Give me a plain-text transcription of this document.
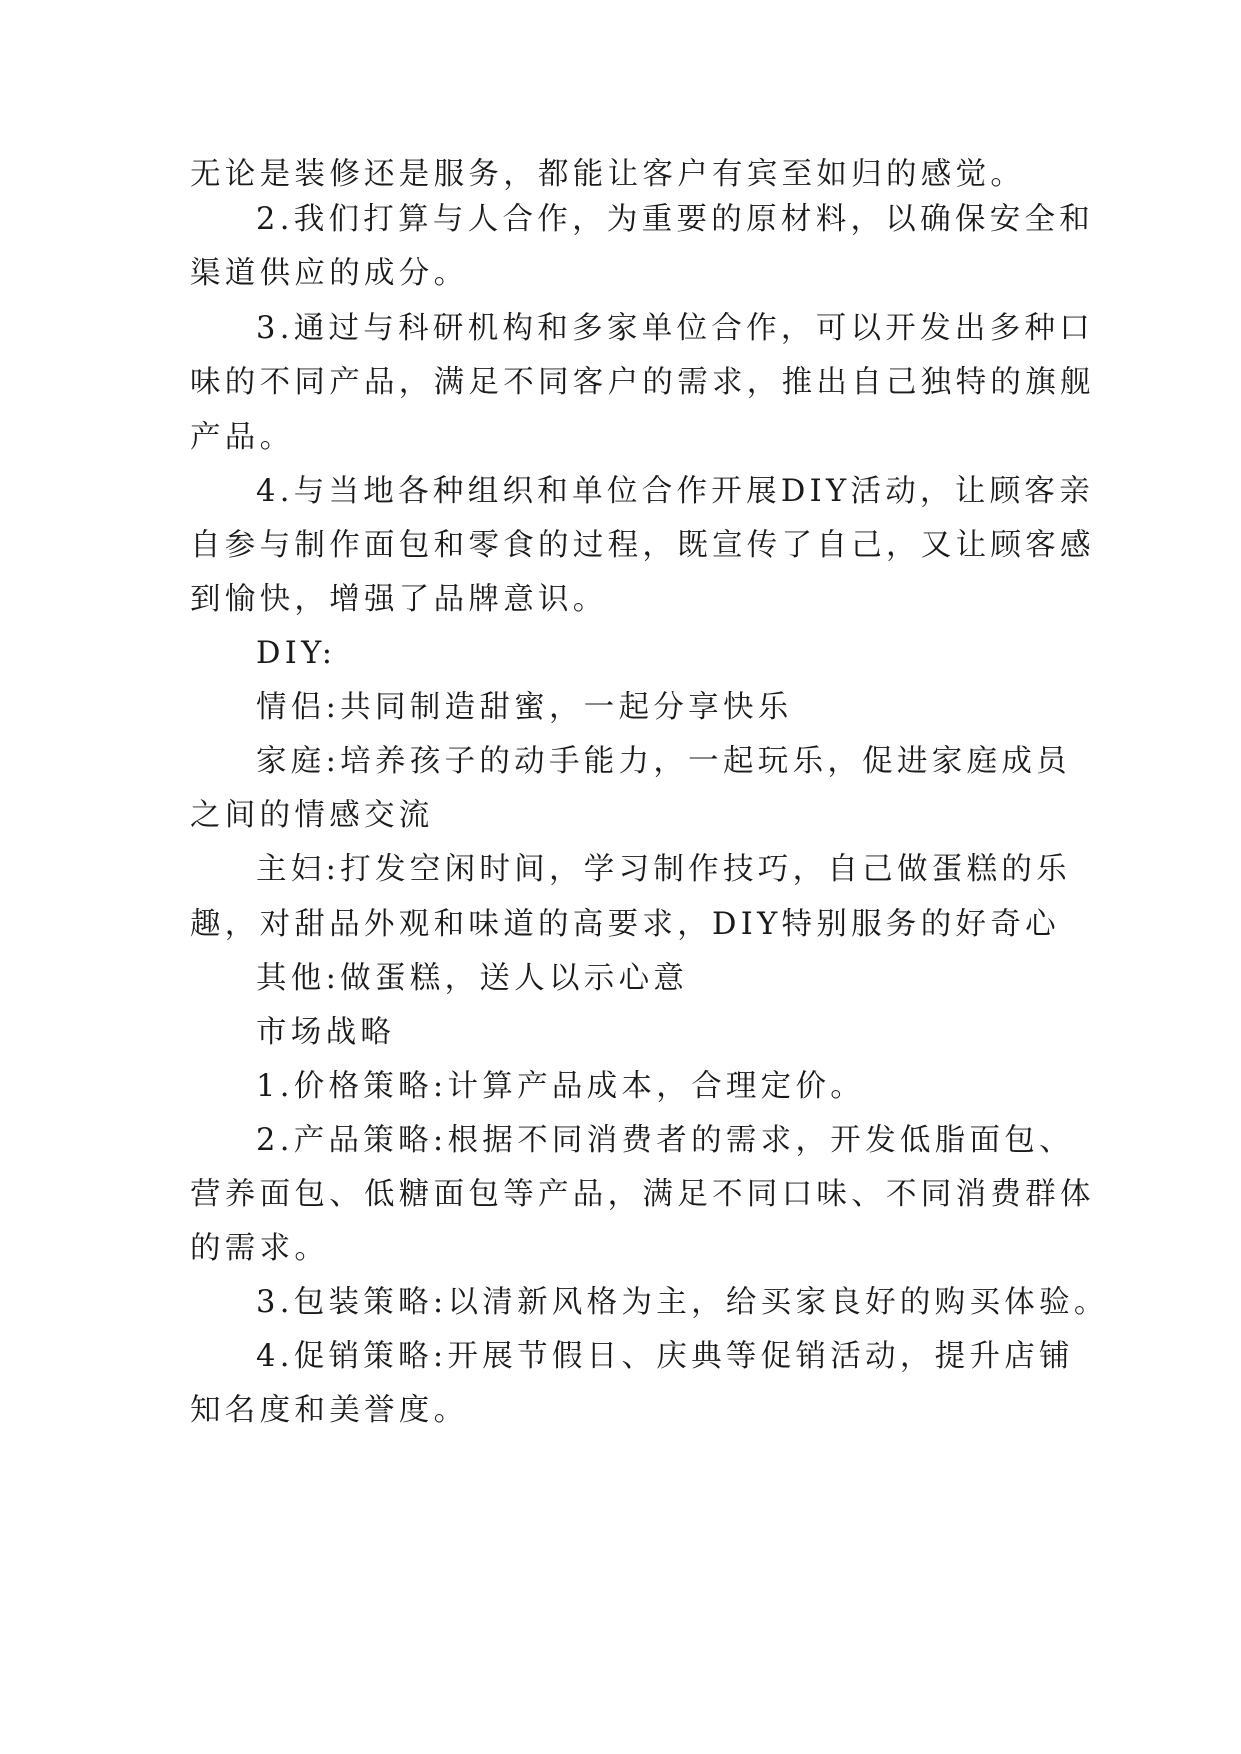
无论是装修还是服务，都能让客户有宾至如归的感觉。
2.我们打算与人合作，为重要的原材料，以确保安全和
渠道供应的成分。
3.通过与科研机构和多家单位合作，可以开发出多种口
味的不同产品，满足不同客户的需求，推出自己独特的旗舰
产品。
4.与当地各种组织和单位合作开展DIY活动，让顾客亲
自参与制作面包和零食的过程，既宣传了自己，又让顾客感
到愉快，增强了品牌意识。
DIY:
情侣:共同制造甜蜜，一起分享快乐
家庭:培养孩子的动手能力，一起玩乐，促进家庭成员
之间的情感交流
主妇:打发空闲时间，学习制作技巧，自己做蛋糕的乐
趣，对甜品外观和味道的高要求，DIY特别服务的好奇心
其他:做蛋糕，送人以示心意
市场战略
1.价格策略:计算产品成本，合理定价。
2.产品策略:根据不同消费者的需求，开发低脂面包、
营养面包、低糖面包等产品，满足不同口味、不同消费群体
的需求。
3.包装策略:以清新风格为主，给买家良好的购买体验。
4.促销策略:开展节假日、庆典等促销活动，提升店铺
知名度和美誉度。
